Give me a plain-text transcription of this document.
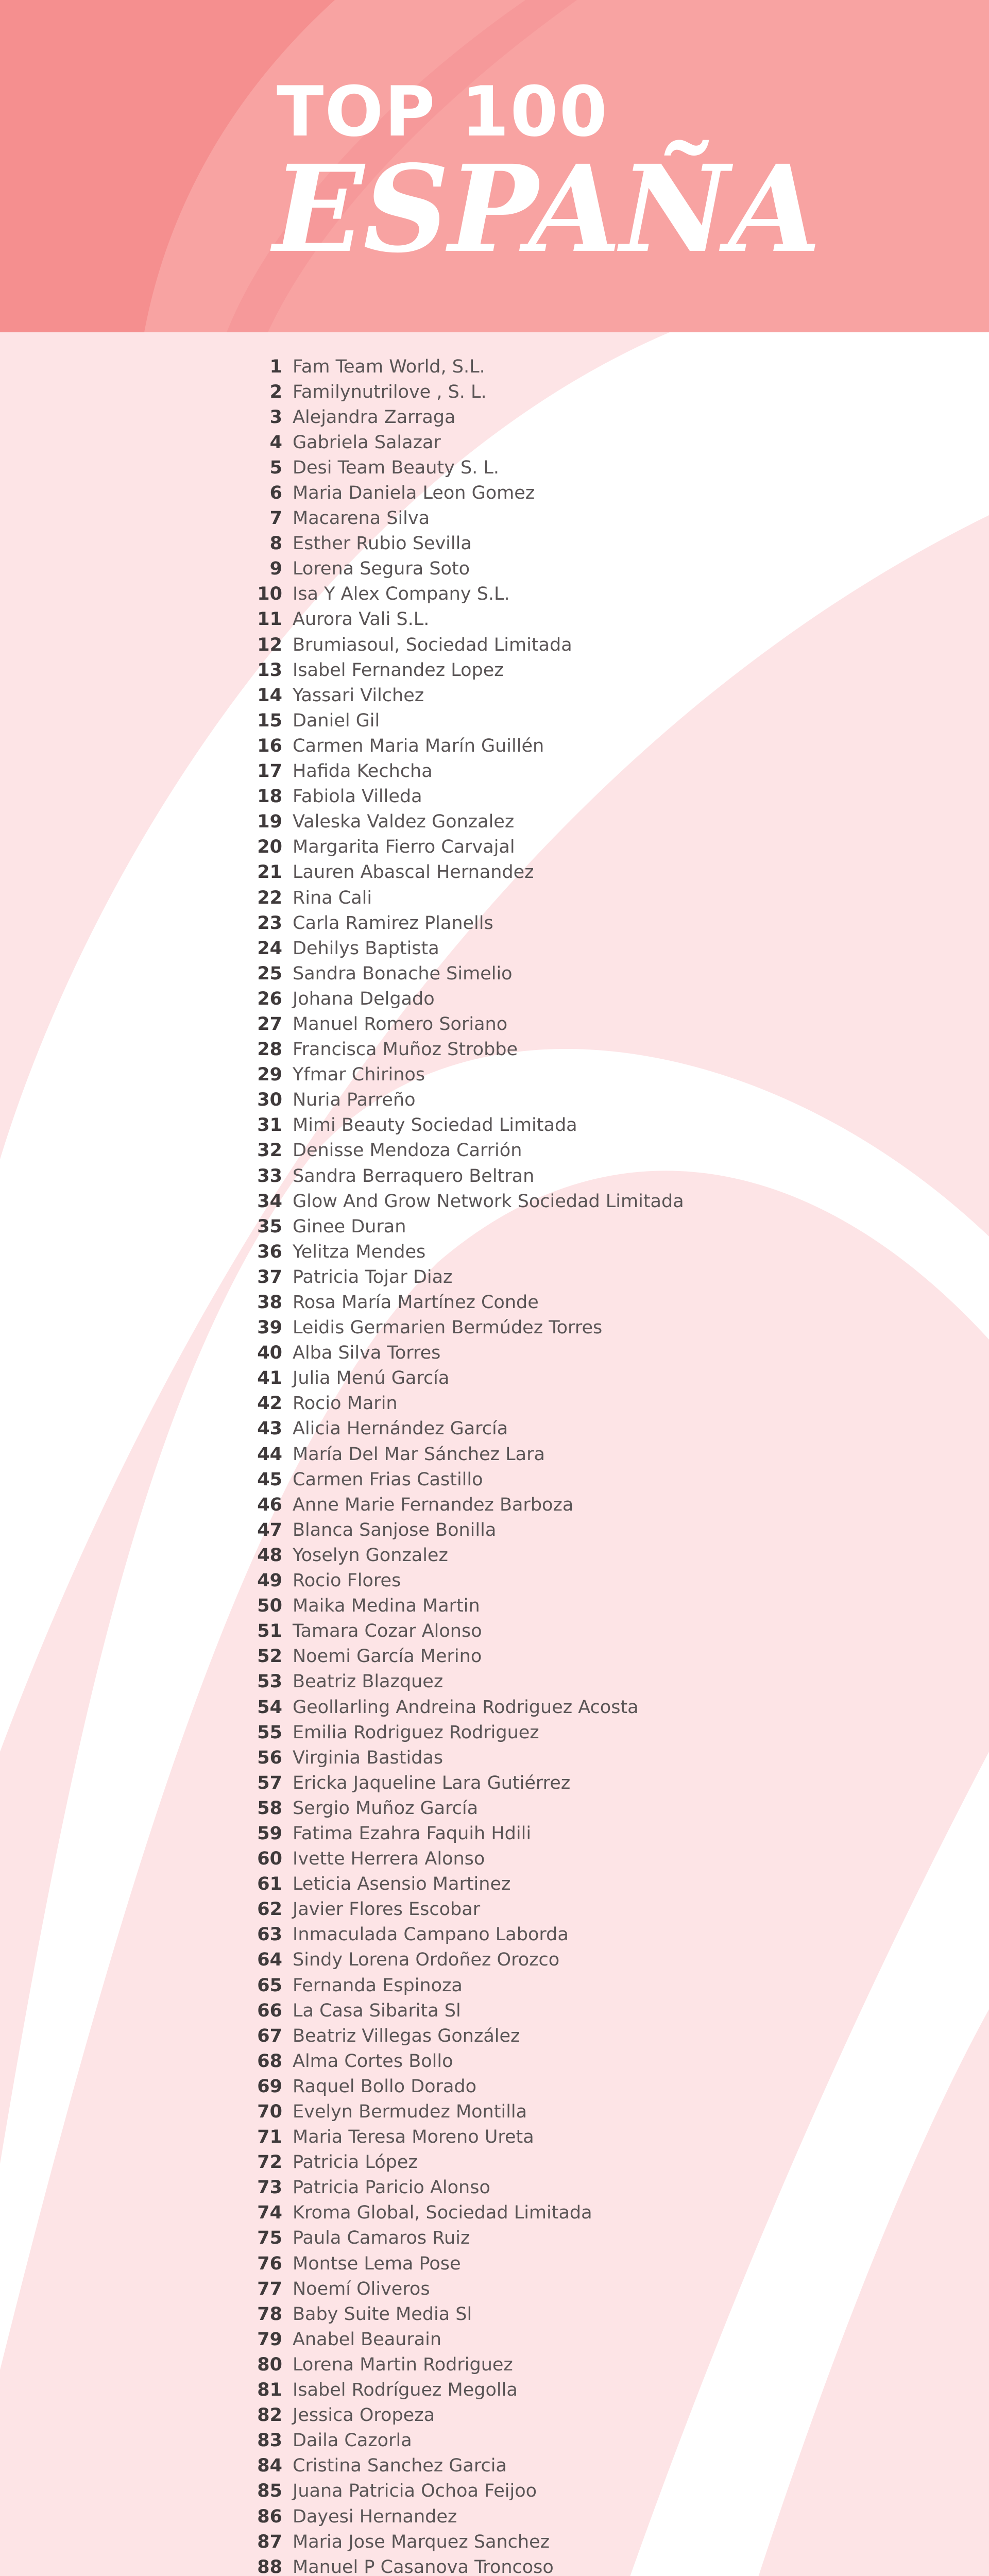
TOP 100
ESPAÑA
1 Fam Team World, S.L.
2 Familynutrilove , S. L.
3 Alejandra Zarraga
4 Gabriela Salazar
5 Desi Team Beauty S. L.
6 Maria Daniela Leon Gomez
7 Macarena Silva
8 Esther Rubio Sevilla
9 Lorena Segura Soto
10 Isa Y Alex Company S.L.
11 Aurora Vali S.L.
12 Brumiasoul, Sociedad Limitada
13 Isabel Fernandez Lopez
14 Yassari Vilchez
15 Daniel Gil
16 Carmen Maria Marín Guillén
17 Hafida Kechcha
18 Fabiola Villeda
19 Valeska Valdez Gonzalez
20 Margarita Fierro Carvajal
21 Lauren Abascal Hernandez
22 Rina Cali
23 Carla Ramirez Planells
24 Dehilys Baptista
25 Sandra Bonache Simelio
26 Johana Delgado
27 Manuel Romero Soriano
28 Francisca Muñoz Strobbe
29 Yfmar Chirinos
30 Nuria Parreño
31 Mimi Beauty Sociedad Limitada
32 Denisse Mendoza Carrión
33 Sandra Berraquero Beltran
34 Glow And Grow Network Sociedad Limitada
35 Ginee Duran
36 Yelitza Mendes
37 Patricia Tojar Diaz
38 Rosa María Martínez Conde
39 Leidis Germarien Bermúdez Torres
40 Alba Silva Torres
41 Julia Menú García
42 Rocio Marin
43 Alicia Hernández García
44 María Del Mar Sánchez Lara
45 Carmen Frias Castillo
46 Anne Marie Fernandez Barboza
47 Blanca Sanjose Bonilla
48 Yoselyn Gonzalez
49 Rocio Flores
50 Maika Medina Martin
51 Tamara Cozar Alonso
52 Noemi García Merino
53 Beatriz Blazquez
54 Geollarling Andreina Rodriguez Acosta
55 Emilia Rodriguez Rodriguez
56 Virginia Bastidas
57 Ericka Jaqueline Lara Gutiérrez
58 Sergio Muñoz García
59 Fatima Ezahra Faquih Hdili
60 Ivette Herrera Alonso
61 Leticia Asensio Martinez
62 Javier Flores Escobar
63 Inmaculada Campano Laborda
64 Sindy Lorena Ordoñez Orozco
65 Fernanda Espinoza
66 La Casa Sibarita Sl
67 Beatriz Villegas González
68 Alma Cortes Bollo
69 Raquel Bollo Dorado
70 Evelyn Bermudez Montilla
71 Maria Teresa Moreno Ureta
72 Patricia López
73 Patricia Paricio Alonso
74 Kroma Global, Sociedad Limitada
75 Paula Camaros Ruiz
76 Montse Lema Pose
77 Noemí Oliveros
78 Baby Suite Media Sl
79 Anabel Beaurain
80 Lorena Martin Rodriguez
81 Isabel Rodríguez Megolla
82 Jessica Oropeza
83 Daila Cazorla
84 Cristina Sanchez Garcia
85 Juana Patricia Ochoa Feijoo
86 Dayesi Hernandez
87 Maria Jose Marquez Sanchez
88 Manuel P Casanova Troncoso
